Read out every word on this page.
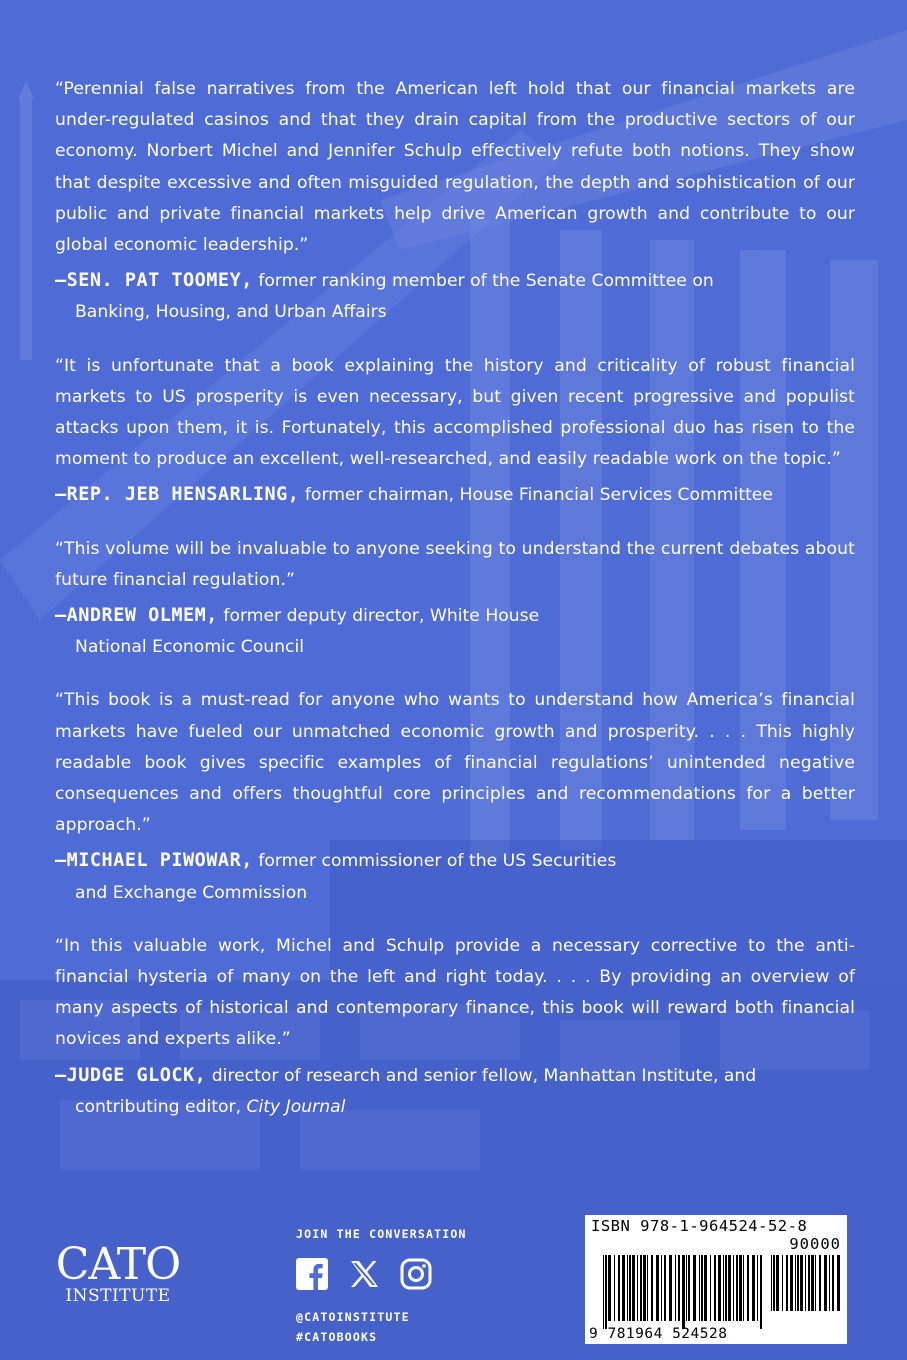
“Perennial false narratives from the American left hold that our financial markets are under-regulated casinos and that they drain capital from the productive sectors of our economy. Norbert Michel and Jennifer Schulp effectively refute both notions. They show that despite excessive and often misguided regulation, the depth and sophistication of our public and private financial markets help drive American growth and contribute to our global economic leadership.”

—SEN. PAT TOOMEY, former ranking member of the Senate Committee on
Banking, Housing, and Urban Affairs

“It is unfortunate that a book explaining the history and criticality of robust financial markets to US prosperity is even necessary, but given recent progressive and populist attacks upon them, it is. Fortunately, this accomplished professional duo has risen to the moment to produce an excellent, well-researched, and easily readable work on the topic.”

—REP. JEB HENSARLING, former chairman, House Financial Services Committee

“This volume will be invaluable to anyone seeking to understand the current debates about future financial regulation.”

—ANDREW OLMEM, former deputy director, White House
National Economic Council

“This book is a must-read for anyone who wants to understand how America’s financial markets have fueled our unmatched economic growth and prosperity. . . . This highly readable book gives specific examples of financial regulations’ unintended negative consequences and offers thoughtful core principles and recommendations for a better approach.”

—MICHAEL PIWOWAR, former commissioner of the US Securities
and Exchange Commission

“In this valuable work, Michel and Schulp provide a necessary corrective to the anti-financial hysteria of many on the left and right today. . . . By providing an overview of many aspects of historical and contemporary finance, this book will reward both financial novices and experts alike.”

—JUDGE GLOCK, director of research and senior fellow, Manhattan Institute, and
contributing editor, City Journal

CATO
INSTITUTE

JOIN THE CONVERSATION

@CATOINSTITUTE

#CATOBOOKS

ISBN 978-1-964524-52-8
90000
9 781964 524528
